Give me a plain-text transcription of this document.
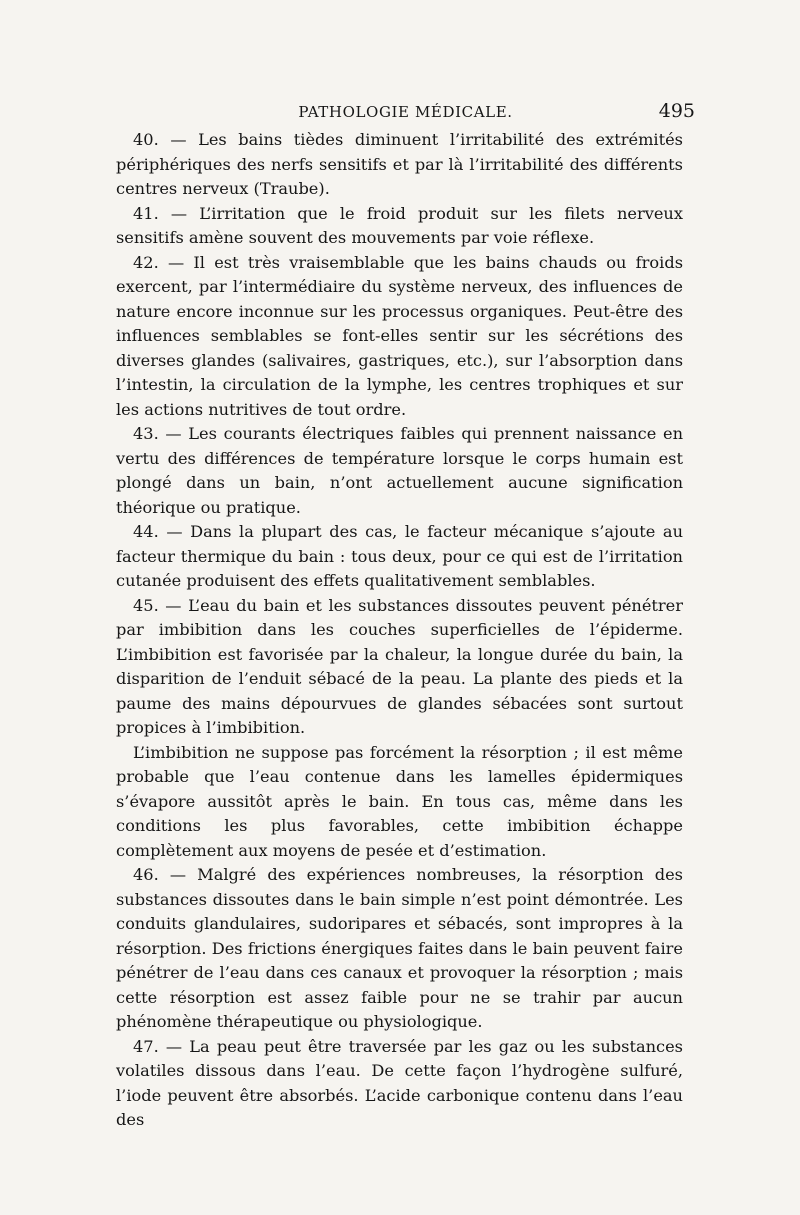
PATHOLOGIE MÉDICALE.	495

40. — Les bains tièdes diminuent l’irritabilité des extrémités périphériques des nerfs sensitifs et par là l’irritabilité des différents centres nerveux (Traube).

41. — L’irritation que le froid produit sur les filets nerveux sensitifs amène souvent des mouvements par voie réflexe.

42. — Il est très vraisemblable que les bains chauds ou froids exercent, par l’intermédiaire du système nerveux, des influences de nature encore inconnue sur les processus organiques. Peut-être des influences semblables se font-elles sentir sur les sécrétions des diverses glandes (salivaires, gastriques, etc.), sur l’absorption dans l’intestin, la circulation de la lymphe, les centres trophiques et sur les actions nutritives de tout ordre.

43. — Les courants électriques faibles qui prennent naissance en vertu des différences de température lorsque le corps humain est plongé dans un bain, n’ont actuellement aucune signification théorique ou pratique.

44. — Dans la plupart des cas, le facteur mécanique s’ajoute au facteur thermique du bain : tous deux, pour ce qui est de l’irritation cutanée produisent des effets qualitativement semblables.

45. — L’eau du bain et les substances dissoutes peuvent pénétrer par imbibition dans les couches superficielles de l’épiderme. L’imbibition est favorisée par la chaleur, la longue durée du bain, la disparition de l’enduit sébacé de la peau. La plante des pieds et la paume des mains dépourvues de glandes sébacées sont surtout propices à l’imbibition.

L’imbibition ne suppose pas forcément la résorption ; il est même probable que l’eau contenue dans les lamelles épidermiques s’évapore aussitôt après le bain. En tous cas, même dans les conditions les plus favorables, cette imbibition échappe complètement aux moyens de pesée et d’estimation.

46. — Malgré des expériences nombreuses, la résorption des substances dissoutes dans le bain simple n’est point démontrée. Les conduits glandulaires, sudoripares et sébacés, sont impropres à la résorption. Des frictions énergiques faites dans le bain peuvent faire pénétrer de l’eau dans ces canaux et provoquer la résorption ; mais cette résorption est assez faible pour ne se trahir par aucun phénomène thérapeutique ou physiologique.

47. — La peau peut être traversée par les gaz ou les substances volatiles dissous dans l’eau. De cette façon l’hydrogène sulfuré, l’iode peuvent être absorbés. L’acide carbonique contenu dans l’eau des
